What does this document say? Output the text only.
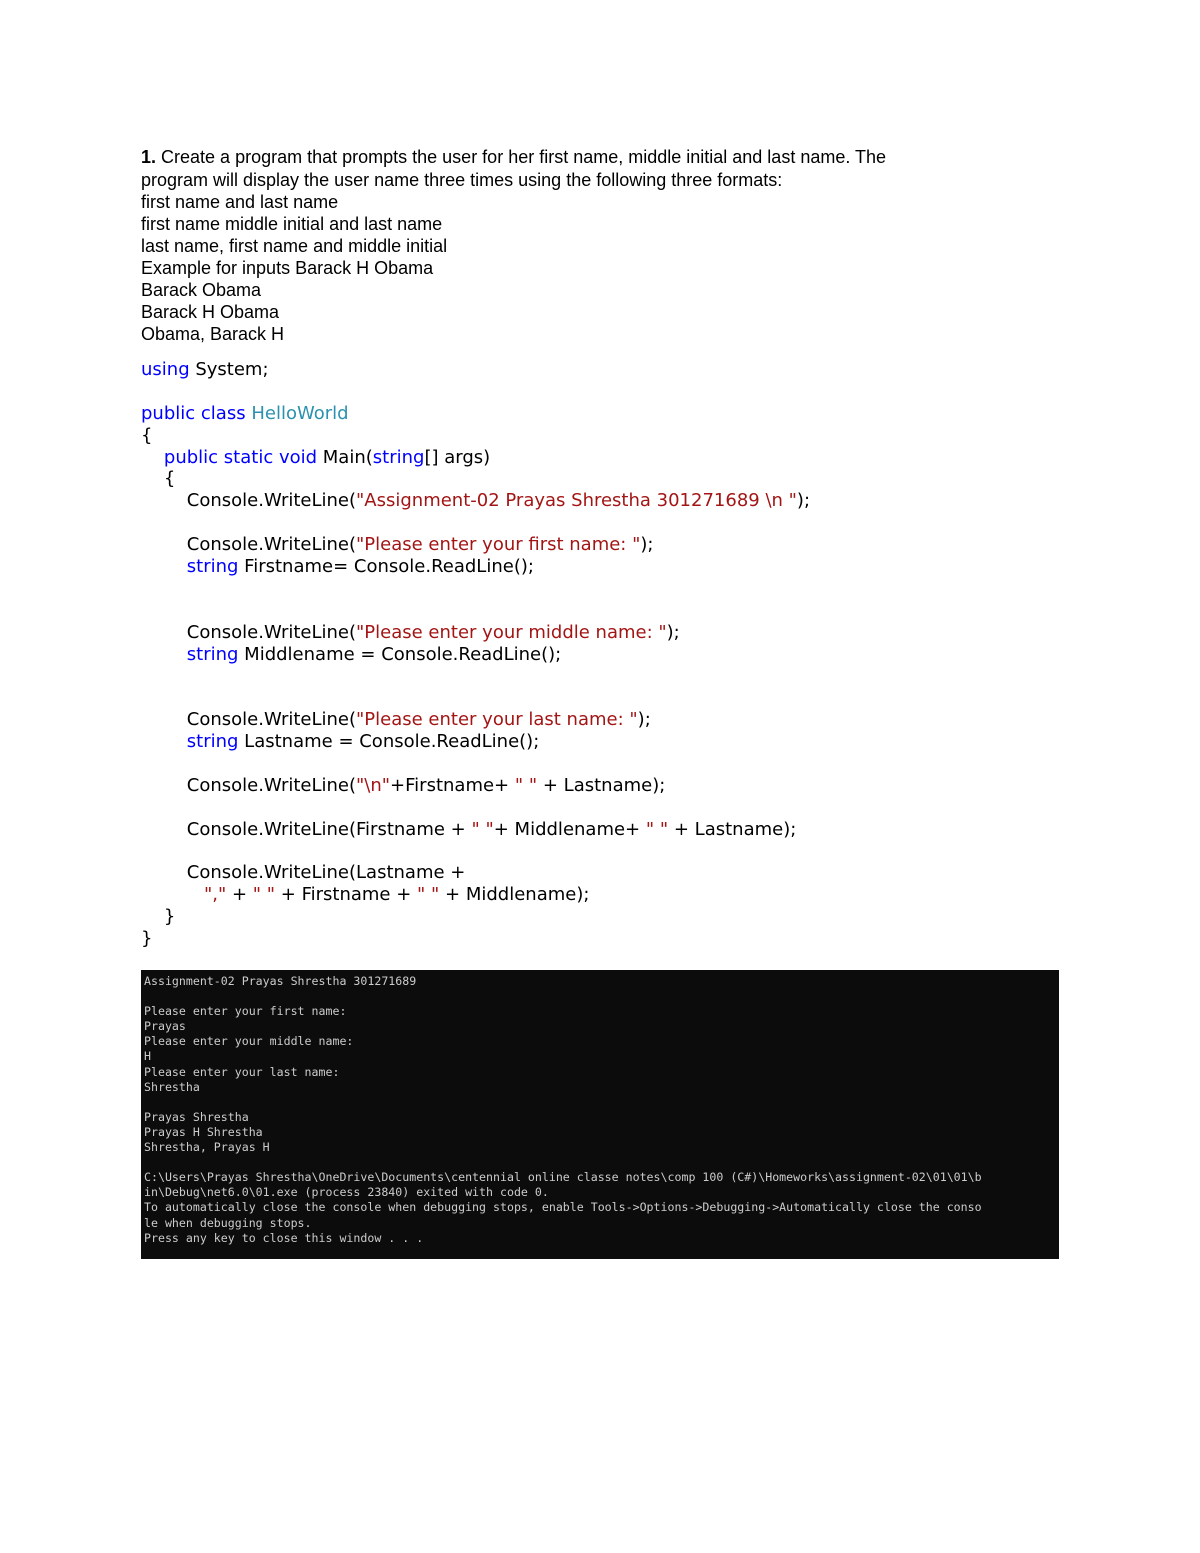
1. Create a program that prompts the user for her first name, middle initial and last name. The
program will display the user name three times using the following three formats:
first name and last name
first name middle initial and last name
last name, first name and middle initial
Example for inputs Barack H Obama
Barack Obama
Barack H Obama
Obama, Barack H
using System;

public class HelloWorld
{
public static void Main(string[] args)
{
Console.WriteLine("Assignment-02 Prayas Shrestha 301271689 \n ");

Console.WriteLine("Please enter your first name: ");
string Firstname= Console.ReadLine();

Console.WriteLine("Please enter your middle name: ");
string Middlename = Console.ReadLine();

Console.WriteLine("Please enter your last name: ");
string Lastname = Console.ReadLine();

Console.WriteLine("\n"+Firstname+ " " + Lastname);

Console.WriteLine(Firstname + " "+ Middlename+ " " + Lastname);

Console.WriteLine(Lastname +
"," + " " + Firstname + " " + Middlename);
}
}
Assignment-02 Prayas Shrestha 301271689

Please enter your first name:
Prayas
Please enter your middle name:
H
Please enter your last name:
Shrestha

Prayas Shrestha
Prayas H Shrestha
Shrestha, Prayas H

C:\Users\Prayas Shrestha\OneDrive\Documents\centennial online classe notes\comp 100 (C#)\Homeworks\assignment-02\01\01\b
in\Debug\net6.0\01.exe (process 23840) exited with code 0.
To automatically close the console when debugging stops, enable Tools->Options->Debugging->Automatically close the conso
le when debugging stops.
Press any key to close this window . . .
